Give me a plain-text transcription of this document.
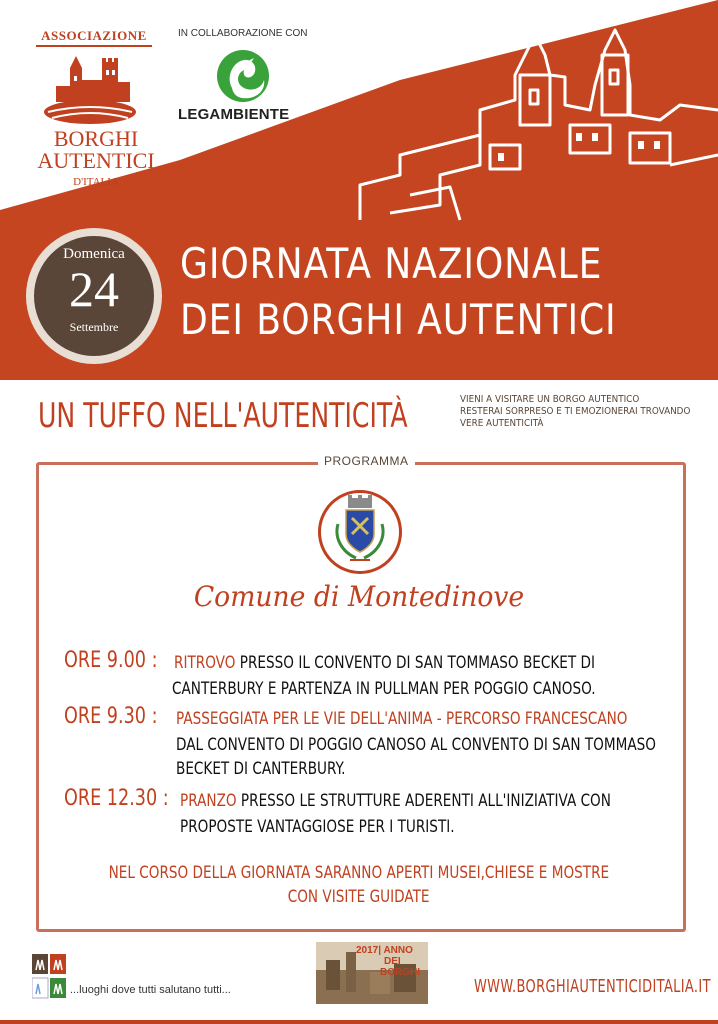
ASSOCIAZIONE
BORGHI
AUTENTICI
D'ITALIA
IN COLLABORAZIONE CON
LEGAMBIENTE
Domenica
24
Settembre
GIORNATA NAZIONALE
DEI BORGHI AUTENTICI
UN TUFFO NELL'AUTENTICITÀ	VIENI A VISITARE UN BORGO AUTENTICO
RESTERAI SORPRESO E TI EMOZIONERAI TROVANDO
VERE AUTENTICITÀ
PROGRAMMA
Comune di Montedinove
ORE 9.00 : RITROVO PRESSO IL CONVENTO DI SAN TOMMASO BECKET DI
CANTERBURY E PARTENZA IN PULLMAN PER POGGIO CANOSO.
ORE 9.30 : PASSEGGIATA PER LE VIE DELL'ANIMA - PERCORSO FRANCESCANO
DAL CONVENTO DI POGGIO CANOSO AL CONVENTO DI SAN TOMMASO
BECKET DI CANTERBURY.
ORE 12.30 : PRANZO PRESSO LE STRUTTURE ADERENTI ALL'INIZIATIVA CON
PROPOSTE VANTAGGIOSE PER I TURISTI.
NEL CORSO DELLA GIORNATA SARANNO APERTI MUSEI,CHIESE E MOSTRE
CON VISITE GUIDATE
...luoghi dove tutti salutano tutti...
2017| ANNO
DEI
BORGHI
WWW.BORGHIAUTENTICIDITALIA.IT
